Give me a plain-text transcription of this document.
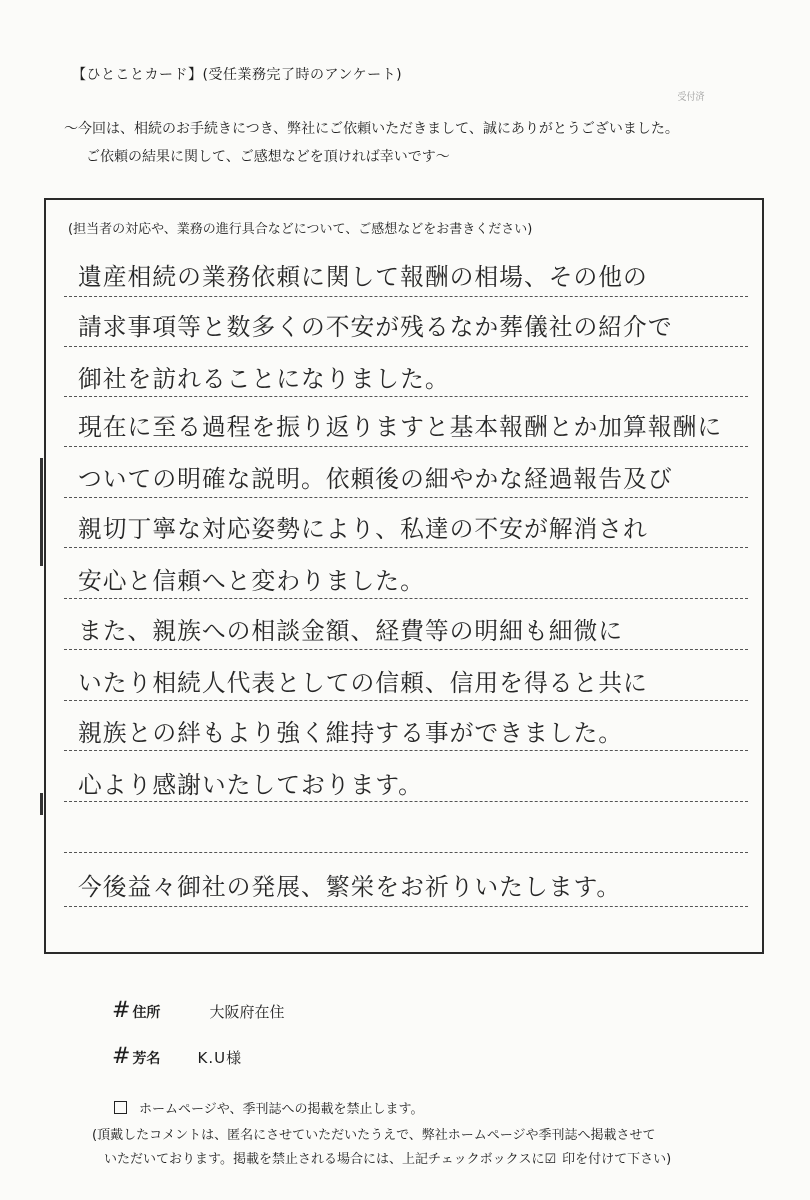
【ひとことカード】(受任業務完了時のアンケート)
受付済
～今回は、相続のお手続きにつき、弊社にご依頼いただきまして、誠にありがとうございました。
ご依頼の結果に関して、ご感想などを頂ければ幸いです～
(担当者の対応や、業務の進行具合などについて、ご感想などをお書きください)
遺産相続の業務依頼に関して報酬の相場、その他の
請求事項等と数多くの不安が残るなか葬儀社の紹介で
御社を訪れることになりました。
現在に至る過程を振り返りますと基本報酬とか加算報酬に
ついての明確な説明。依頼後の細やかな経過報告及び
親切丁寧な対応姿勢により、私達の不安が解消され
安心と信頼へと変わりました。
また、親族への相談金額、経費等の明細も細微に
いたり相続人代表としての信頼、信用を得ると共に
親族との絆もより強く維持する事ができました。
心より感謝いたしております。
今後益々御社の発展、繁栄をお祈りいたします。
# 住所	大阪府在住
# 芳名 K.U様
ホームページや、季刊誌への掲載を禁止します。
(頂戴したコメントは、匿名にさせていただいたうえで、弊社ホームページや季刊誌へ掲載させて
いただいております。掲載を禁止される場合には、上記チェックボックスに☑ 印を付けて下さい)
